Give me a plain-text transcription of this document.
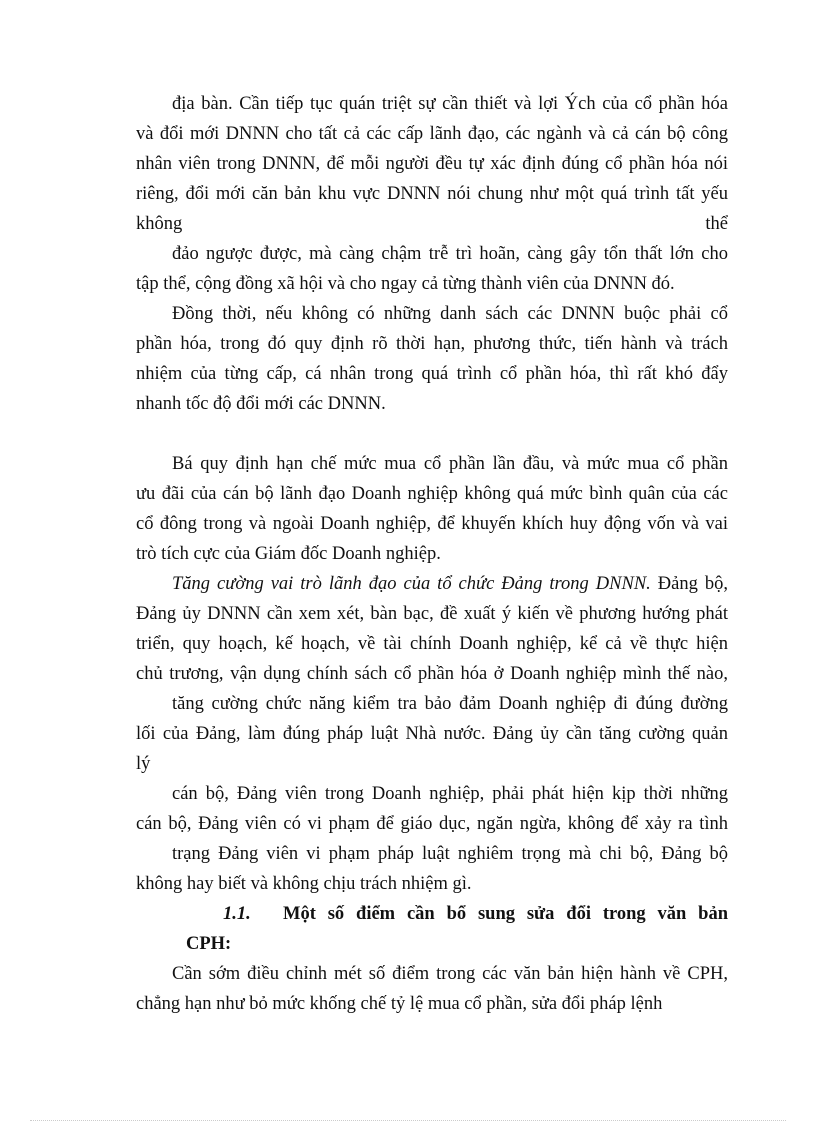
địa bàn. Cần tiếp tục quán triệt sự cần thiết và lợi Ých của cổ phần hóa
và đổi mới DNNN cho tất cả các cấp lãnh đạo, các ngành và cả cán bộ công
nhân viên trong DNNN, để mỗi người đều tự xác định đúng cổ phần hóa nói
riêng, đổi mới căn bản khu vực DNNN nói chung như một quá trình tất yếu
không	thể
đảo ngược được, mà càng chậm trễ trì hoãn, càng gây tổn thất lớn cho
tập thể, cộng đồng xã hội và cho ngay cả từng thành viên của DNNN đó.
Đồng thời, nếu không có những danh sách các DNNN buộc phải cổ
phần hóa, trong đó quy định rõ thời hạn, phương thức, tiến hành và trách
nhiệm của từng cấp, cá nhân trong quá trình cổ phần hóa, thì rất khó đẩy
nhanh tốc độ đổi mới các DNNN.
Bá quy định hạn chế mức mua cổ phần lần đầu, và mức mua cổ phần
ưu đãi của cán bộ lãnh đạo Doanh nghiệp không quá mức bình quân của các
cổ đông trong và ngoài Doanh nghiệp, để khuyến khích huy động vốn và vai
trò tích cực của Giám đốc Doanh nghiệp.
Tăng cường vai trò lãnh đạo của tổ chức Đảng trong DNNN. Đảng bộ,
Đảng ủy DNNN cần xem xét, bàn bạc, đề xuất ý kiến về phương hướng phát
triển, quy hoạch, kế hoạch, về tài chính Doanh nghiệp, kể cả về thực hiện
chủ trương, vận dụng chính sách cổ phần hóa ở Doanh nghiệp mình thế nào,
tăng cường chức năng kiểm tra bảo đảm Doanh nghiệp đi đúng đường
lối của Đảng, làm đúng pháp luật Nhà nước. Đảng ủy cần tăng cường quản
lý
cán bộ, Đảng viên trong Doanh nghiệp, phải phát hiện kịp thời những
cán bộ, Đảng viên có vi phạm để giáo dục, ngăn ngừa, không để xảy ra tình
trạng Đảng viên vi phạm pháp luật nghiêm trọng mà chi bộ, Đảng bộ
không hay biết và không chịu trách nhiệm gì.
1.1. Một số điểm cần bổ sung sửa đổi trong văn bản
CPH:
Cần sớm điều chỉnh mét số điểm trong các văn bản hiện hành về CPH,
chẳng hạn như bỏ mức khống chế tỷ lệ mua cổ phần, sửa đổi pháp lệnh
